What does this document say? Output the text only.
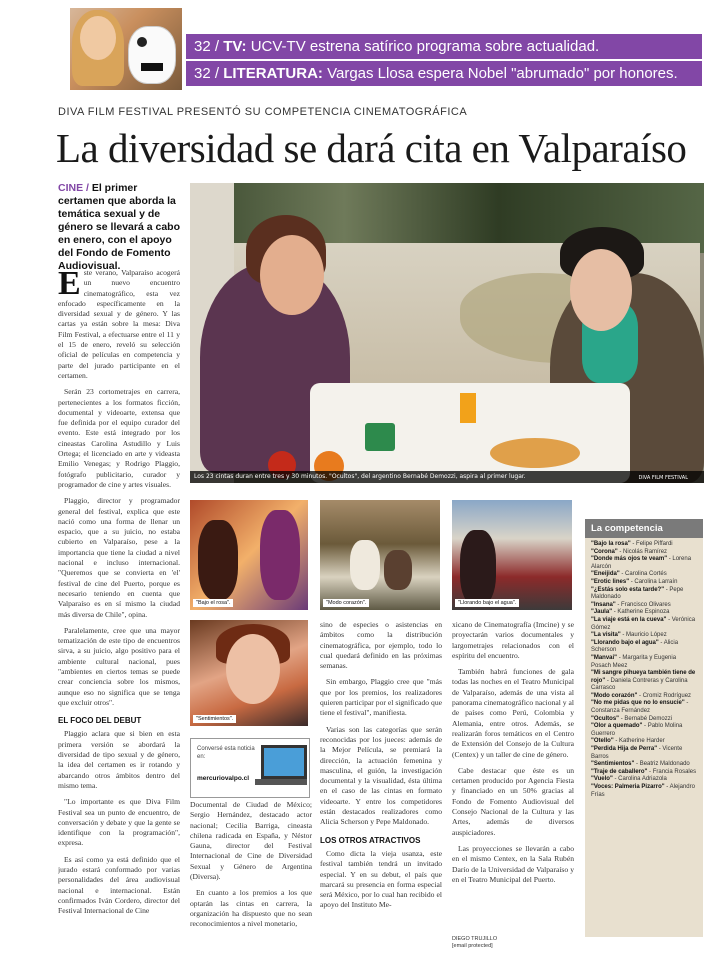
32 / TV: UCV-TV estrena satírico programa sobre actualidad.
32 / LITERATURA: Vargas Llosa espera Nobel "abrumado" por honores.
DIVA FILM FESTIVAL PRESENTÓ SU COMPETENCIA CINEMATOGRÁFICA
La diversidad se dará cita en Valparaíso
CINE / El primer certamen que aborda la temática sexual y de género se llevará a cabo en enero, con el apoyo del Fondo de Fomento Audiovisual.

Este verano, Valparaíso acogerá un nuevo encuentro cinematográfico, esta vez enfocado específicamente en la diversidad sexual y de género. Y las cartas ya están sobre la mesa: Diva Film Festival, a efectuarse entre el 11 y el 15 de enero, reveló su selección oficial de películas en competencia y parte del jurado participante en el certamen.

Serán 23 cortometrajes en carrera, pertenecientes a los formatos ficción, documental y videoarte, extensa que fue definida por el equipo curador del evento. Este está integrado por los cineastas Carolina Astudillo y Luis Ortega; el licenciado en arte y videasta Emilio Venegas; y Rodrigo Plaggio, fotógrafo publicitario, curador y programador de cine y artes visuales.

Plaggio, director y programador general del festival, explica que este nació como una forma de llenar un espacio, que a su juicio, no estaba cubierto en Valparaíso, pese a la importancia que tiene la ciudad a nivel nacional e incluso internacional. "Queremos que se convierta en 'el' festival de cine del Puerto, porque es necesario teniendo en cuenta que Valparaíso es en sí mismo la ciudad más diversa de Chile", opina.

Paralelamente, cree que una mayor tematización de este tipo de encuentros sirva, a su juicio, algo positivo para el ambiente cultural nacional, pues "ambientes en ciertos temas se puede crear conciencia sobre los mismos, aunque eso no significa que se tenga que excluir otros".

EL FOCO DEL DEBUT

Plaggio aclara que si bien en esta primera versión se abordará la diversidad de tipo sexual y de género, la idea del certamen es ir rotando y abarcando otros ámbitos dentro del mismo tema.

"Lo importante es que Diva Film Festival sea un punto de encuentro, de conversación y debate y que la gente se identifique con la programación", expresa.

Es así como ya está definido que el jurado estará conformado por varias personalidades del área audiovisual nacional e internacional. Están confirmados Iván Cordero, director del Festival Internacional de Cine

Los 23 cintas duran entre tres y 30 minutos. "Ocultos", del argentino Bernabé Demozzi, aspira al primer lugar.	DIVA FILM FESTIVAL
"Bajo el rosa".	"Modo corazón".	"Llorando bajo el agua".
"Sentimientos".
Conversé esta noticia en:
mercuriovalpo.cl

Documental de Ciudad de México; Sergio Hernández, destacado actor nacional; Cecilia Barriga, cineasta chilena radicada en España, y Néstor Gauna, director del Festival Internacional de Cine de Diversidad Sexual y Género de Argentina (Diversa).

En cuanto a los premios a los que optarán las cintas en carrera, la organización ha dispuesto que no sean reconocimientos a nivel monetario,

sino de especies o asistencias en ámbitos como la distribución cinematográfica, por ejemplo, todo lo cual quedará definido en las próximas semanas.

Sin embargo, Plaggio cree que "más que por los premios, los realizadores quieren participar por el significado que tiene el festival", manifiesta.

Varias son las categorías que serán reconocidas por los jueces: además de la Mejor Película, se premiará la dirección, la actuación femenina y masculina, el guión, la investigación documental y la visualidad, ésta última en el caso de las cintas en formato videoarte. Y entre los competidores están destacados realizadores como Alicia Scherson y Pepe Maldonado.

LOS OTROS ATRACTIVOS

Como dicta la vieja usanza, este festival también tendrá un invitado especial. Y en su debut, el país que marcará su presencia en forma especial será México, por lo cual han recibido el apoyo del Instituto Me-

xicano de Cinematografía (Imcine) y se proyectarán varios documentales y largometrajes relacionados con el espíritu del encuentro.

También habrá funciones de gala todas las noches en el Teatro Municipal de Valparaíso, además de una vista al panorama cinematográfico nacional y al de países como Perú, Colombia y Alemania, entre otros. Además, se realizarán foros temáticos en el Centro de Extensión del Consejo de la Cultura (Centex) y un taller de cine de género.

Cabe destacar que éste es un certamen producido por Agencia Fiesta y financiado en un 50% gracias al Fondo de Fomento Audiovisual del Consejo Nacional de la Cultura y las Artes, además de diversos auspiciadores.

Las proyecciones se llevarán a cabo en el mismo Centex, en la Sala Rubén Darío de la Universidad de Valparaíso y en el Teatro Municipal del Puerto.

DIEGO TRUJILLO
[email protected]
La competencia
"Bajo la rosa" - Felipe Piffardi
"Corona" - Nicolás Ramírez
"Donde más ojos te veam" - Lorena Alarcón
"Eneijida" - Carolina Cortés
"Erotic lines" - Carolina Larraín
"¿Estás solo esta tarde?" - Pepe Maldonado
"Insana" - Francisco Olivares
"Jaula" - Katherine Espinoza
"La viaje está en la cueva" - Verónica Gómez
"La visita" - Mauricio López
"Llorando bajo el agua" - Alicia Scherson
"Manvai" - Margarita y Eugenia Posach Meez
"Mi sangre pihueya también tiene de rojo" - Daniela Contreras y Carolina Carrasco
"Modo corazón" - Cromiz Rodríguez
"No me pidas que no lo ensucie" - Constanza Fernández
"Ocultos" - Bernabé Demozzi
"Olor a quemado" - Pablo Molina Guerrero
"Otello" - Katherine Harder
"Perdida Hija de Perra" - Vicente Barros
"Sentimientos" - Beatriz Maldonado
"Traje de caballero" - Francia Rosales
"Vuelo" - Carolina Adriazola
"Voces: Palmeria Pizarro" - Alejandro Frías
